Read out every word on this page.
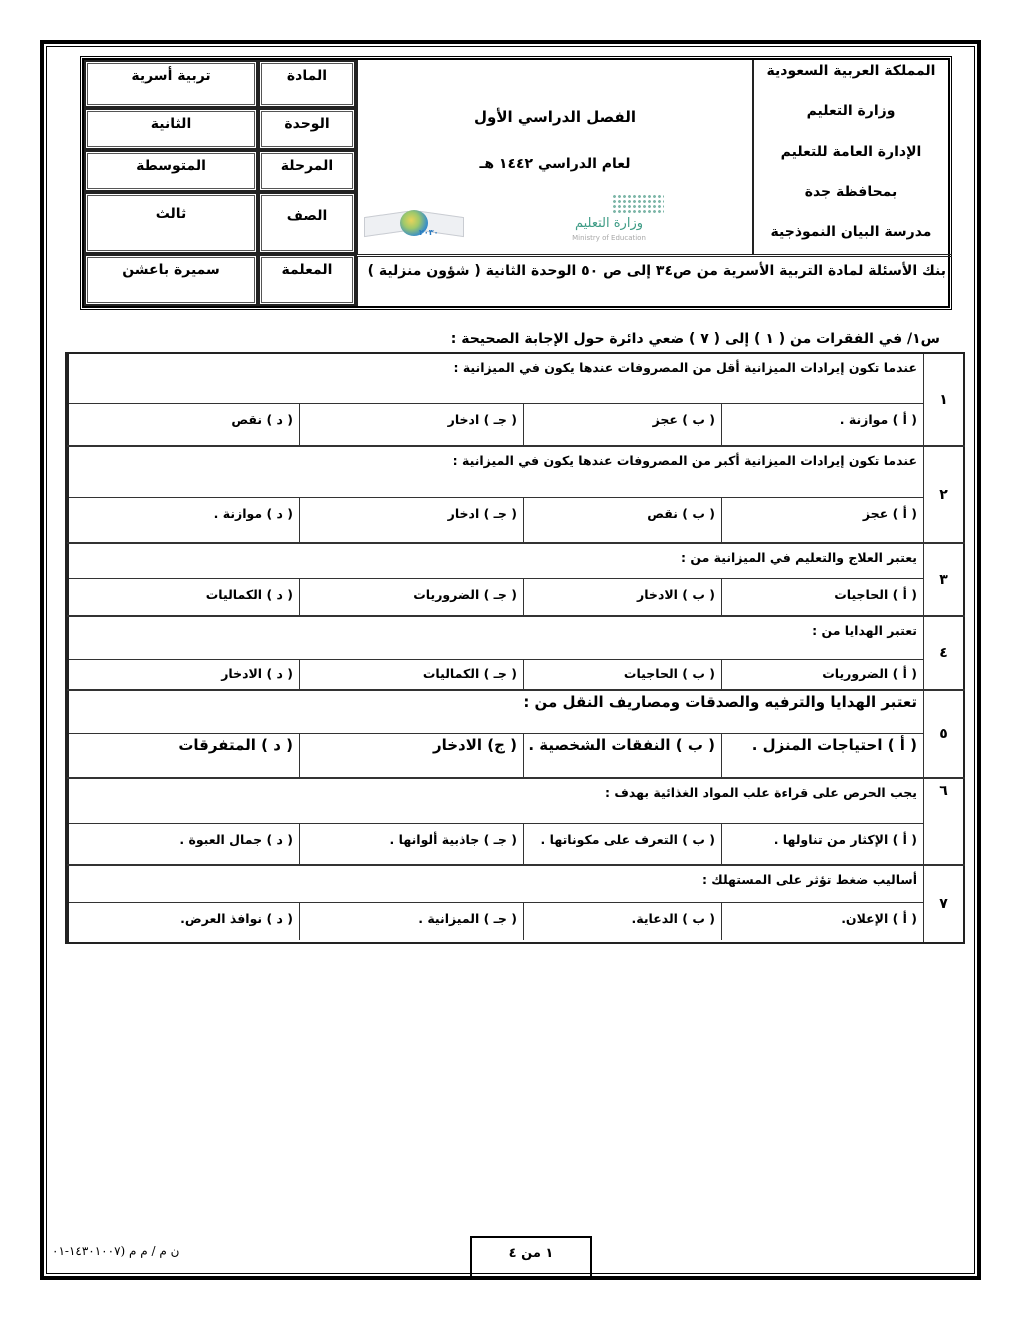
المملكة العربية السعودية
وزارة التعليم
الإدارة العامة للتعليم
بمحافظة جدة
مدرسة البيان النموذجية
الفصل الدراسي الأول
لعام الدراسي ١٤٤٢ هـ
وزارة التعليم
Ministry of Education
٢٠٣٠
المادة
تربية أسرية
الوحدة
الثانية
المرحلة
المتوسطة
الصف
ثالث
المعلمة
سميرة باعشن	بنك الأسئلة لمادة التربية الأسرية من ص٣٤ إلى ص ٥٠ الوحدة الثانية ( شؤون منزلية )
س١/ في الفقرات من ( ١ ) إلى ( ٧ ) ضعي دائرة حول الإجابة الصحيحة :
١
عندما تكون إيرادات الميزانية أقل من المصروفات عندها يكون في الميزانية :
( أ ) موازنة .
( ب ) عجز
( جـ ) ادخار
( د ) نقص
٢
عندما تكون إيرادات الميزانية أكبر من المصروفات عندها يكون في الميزانية :
( أ ) عجز
( ب ) نقص
( جـ ) ادخار
( د ) موازنة .
٣
يعتبر العلاج والتعليم في الميزانية من :
( أ ) الحاجيات
( ب ) الادخار
( جـ ) الضروريات
( د ) الكماليات
٤
تعتبر الهدايا من :
( أ ) الضروريات
( ب ) الحاجيات
( جـ ) الكماليات
( د ) الادخار
٥
تعتبر الهدايا والترفيه والصدقات ومصاريف النقل من :
( أ ) احتياجات المنزل .
( ب ) النفقات الشخصية .
( ج) الادخار
( د ) المتفرقات
٦
يجب الحرص على قراءة علب المواد الغذائية بهدف :
( أ ) الإكثار من تناولها .
( ب ) التعرف على مكوناتها .
( جـ ) جاذبية ألوانها .
( د ) جمال العبوة .
٧
أساليب ضغط تؤثر على المستهلك :
( أ ) الإعلان.
( ب ) الدعاية.
( جـ ) الميزانية .
( د ) نوافذ العرض.
ن م / م م (١٤٣٠١٠٠٧-٠١	١ من ٤
